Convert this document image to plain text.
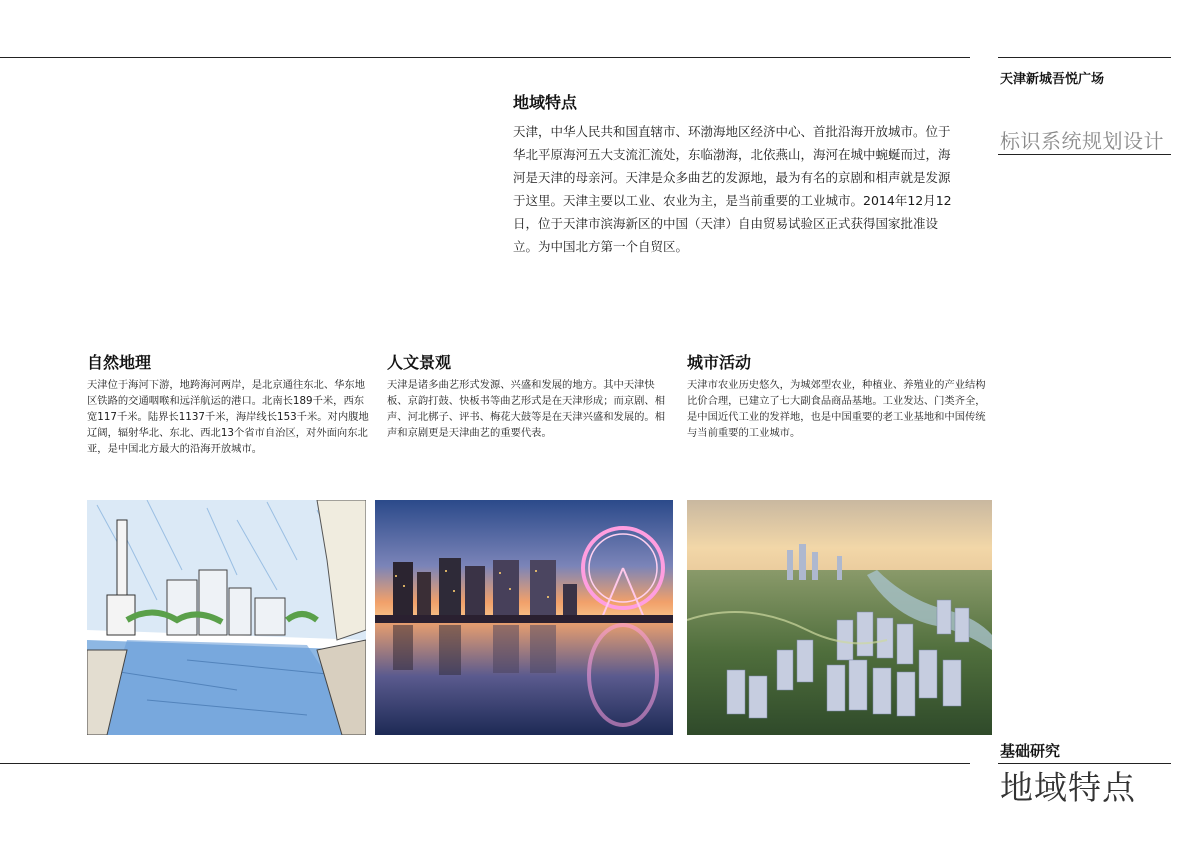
天津新城吾悦广场
标识系统规划设计
地域特点

天津，中华人民共和国直辖市、环渤海地区经济中心、首批沿海开放城市。位于华北平原海河五大支流汇流处，东临渤海，北依燕山，海河在城中蜿蜒而过，海河是天津的母亲河。天津是众多曲艺的发源地，最为有名的京剧和相声就是发源于这里。天津主要以工业、农业为主，是当前重要的工业城市。2014年12月12日，位于天津市滨海新区的中国（天津）自由贸易试验区正式获得国家批准设立。为中国北方第一个自贸区。

自然地理

天津位于海河下游，地跨海河两岸，是北京通往东北、华东地区铁路的交通咽喉和远洋航运的港口。北南长189千米，西东宽117千米。陆界长1137千米，海岸线长153千米。对内腹地辽阔，辐射华北、东北、西北13个省市自治区，对外面向东北亚，是中国北方最大的沿海开放城市。

人文景观

天津是诸多曲艺形式发源、兴盛和发展的地方。其中天津快板、京韵打鼓、快板书等曲艺形式是在天津形成；而京剧、相声、河北梆子、评书、梅花大鼓等是在天津兴盛和发展的。相声和京剧更是天津曲艺的重要代表。

城市活动

天津市农业历史悠久，为城郊型农业，种植业、养殖业的产业结构比价合理，已建立了七大副食品商品基地。工业发达、门类齐全，是中国近代工业的发祥地，也是中国重要的老工业基地和中国传统与当前重要的工业城市。

基础研究
地域特点
